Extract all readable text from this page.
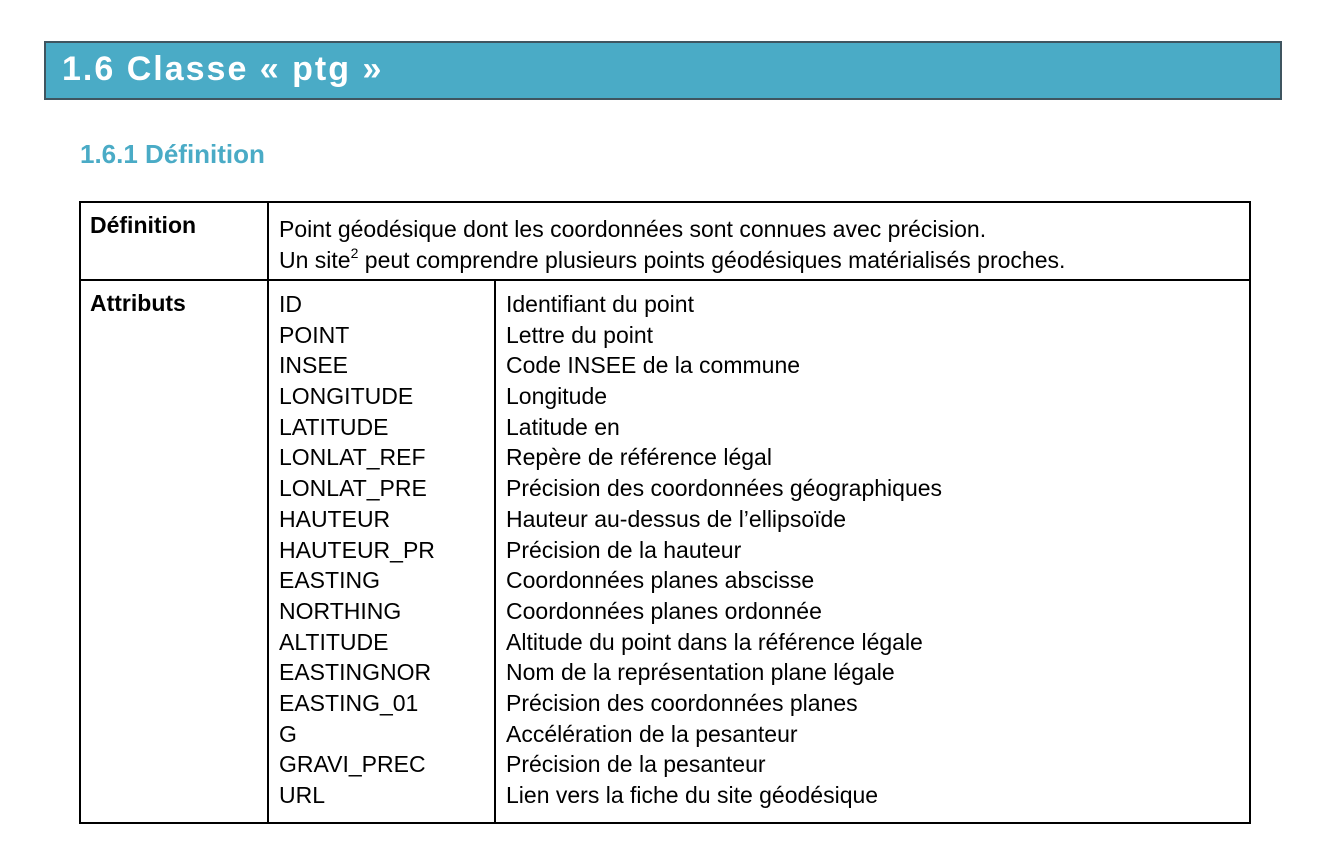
1.6 Classe « ptg »
1.6.1 Définition
Définition	Point géodésique dont les coordonnées sont connues avec précision.
Un site$^2$ peut comprendre plusieurs points géodésiques matérialisés proches.
Attributs	ID
POINT
INSEE
LONGITUDE
LATITUDE
LONLAT_REF
LONLAT_PRE
HAUTEUR
HAUTEUR_PR
EASTING
NORTHING
ALTITUDE
EASTINGNOR
EASTING_01
G
GRAVI_PREC
URL
Identifiant du point
Lettre du point
Code INSEE de la commune
Longitude
Latitude en
Repère de référence légal
Précision des coordonnées géographiques
Hauteur au-dessus de l’ellipsoïde
Précision de la hauteur
Coordonnées planes abscisse
Coordonnées planes ordonnée
Altitude du point dans la référence légale
Nom de la représentation plane légale
Précision des coordonnées planes
Accélération de la pesanteur
Précision de la pesanteur
Lien vers la fiche du site géodésique
